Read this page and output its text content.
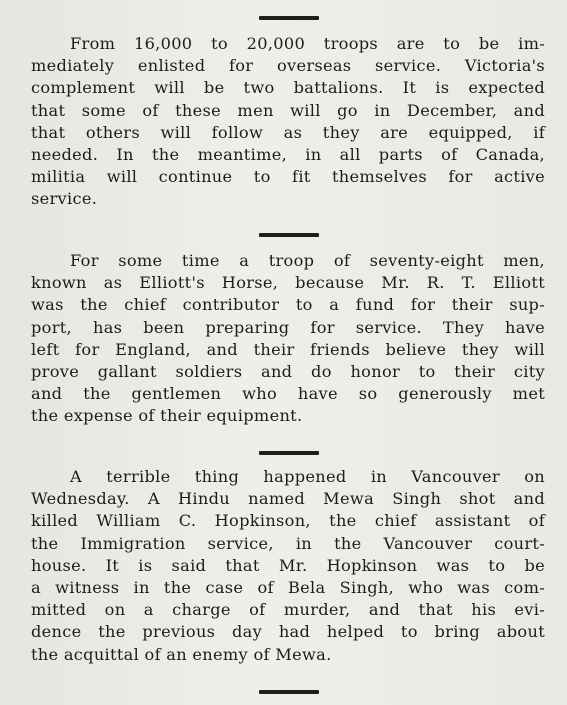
From 16,000 to 20,000 troops are to be im-
mediately enlisted for overseas service. Victoria's
complement will be two battalions. It is expected
that some of these men will go in December, and
that others will follow as they are equipped, if
needed. In the meantime, in all parts of Canada,
militia will continue to fit themselves for active
service.
For some time a troop of seventy-eight men,
known as Elliott's Horse, because Mr. R. T. Elliott
was the chief contributor to a fund for their sup-
port, has been preparing for service. They have
left for England, and their friends believe they will
prove gallant soldiers and do honor to their city
and the gentlemen who have so generously met
the expense of their equipment.
A terrible thing happened in Vancouver on
Wednesday. A Hindu named Mewa Singh shot and
killed William C. Hopkinson, the chief assistant of
the Immigration service, in the Vancouver court-
house. It is said that Mr. Hopkinson was to be
a witness in the case of Bela Singh, who was com-
mitted on a charge of murder, and that his evi-
dence the previous day had helped to bring about
the acquittal of an enemy of Mewa.
